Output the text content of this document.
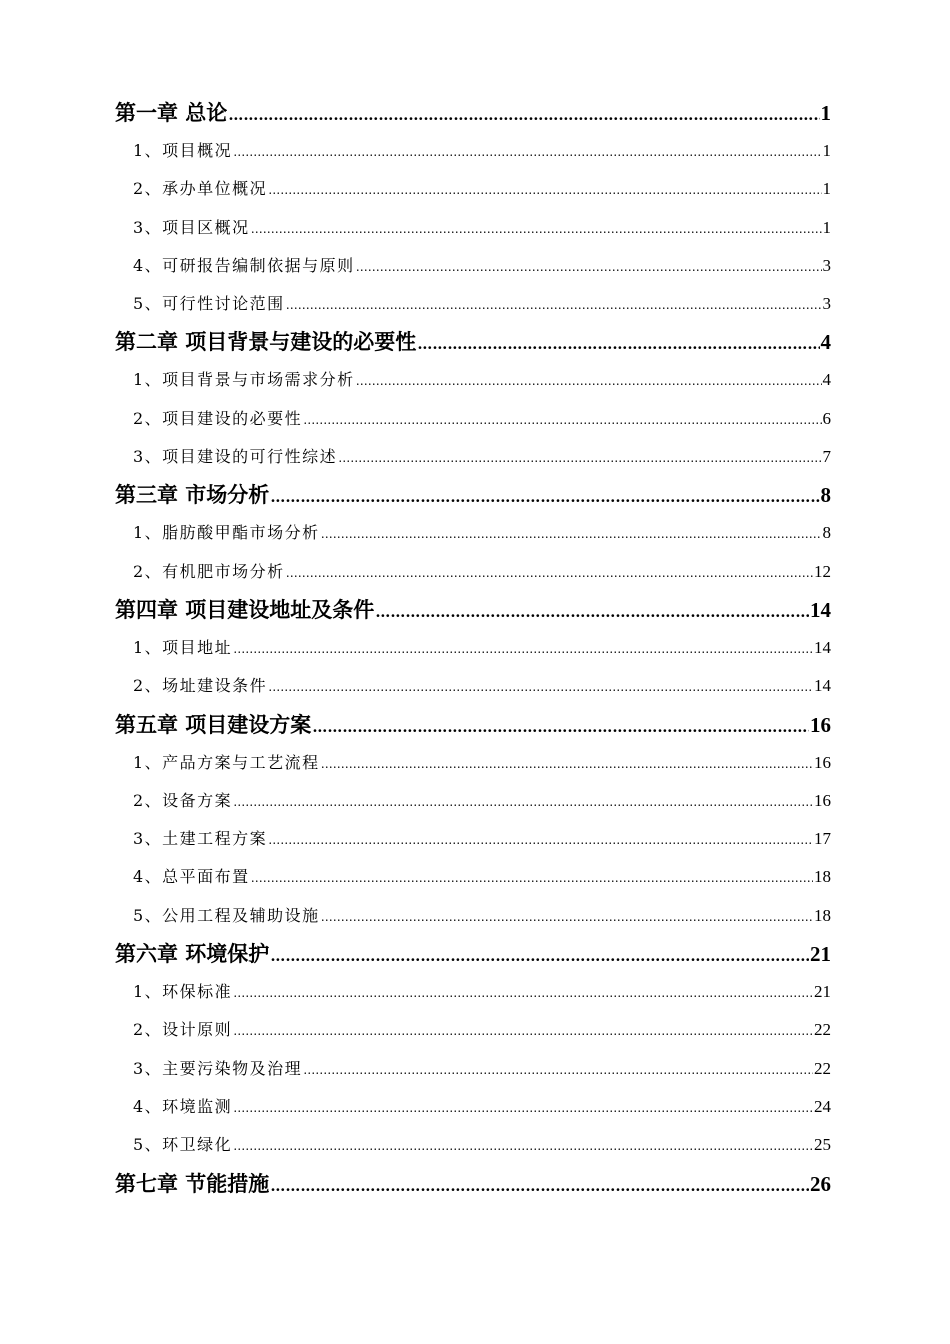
第一章 总论 ………………………………………………………………………………………………………………………………………………………………………………………………	1
1、项目概况 ………………………………………………………………………………………………………………………………………………………………………………………………	1
2、承办单位概况 ………………………………………………………………………………………………………………………………………………………………………………………………	1
3、项目区概况 ………………………………………………………………………………………………………………………………………………………………………………………………	1
4、可研报告编制依据与原则 ………………………………………………………………………………………………………………………………………………………………………………………………	3
5、可行性讨论范围 ………………………………………………………………………………………………………………………………………………………………………………………………	3
第二章 项目背景与建设的必要性 ………………………………………………………………………………………………………………………………………………………………………………………………	4
1、项目背景与市场需求分析 ………………………………………………………………………………………………………………………………………………………………………………………………	4
2、项目建设的必要性 ………………………………………………………………………………………………………………………………………………………………………………………………	6
3、项目建设的可行性综述 ………………………………………………………………………………………………………………………………………………………………………………………………	7
第三章 市场分析 ………………………………………………………………………………………………………………………………………………………………………………………………	8
1、脂肪酸甲酯市场分析 ………………………………………………………………………………………………………………………………………………………………………………………………	8
2、有机肥市场分析 ………………………………………………………………………………………………………………………………………………………………………………………………	12
第四章 项目建设地址及条件 ………………………………………………………………………………………………………………………………………………………………………………………………	14
1、项目地址 ………………………………………………………………………………………………………………………………………………………………………………………………	14
2、场址建设条件 ………………………………………………………………………………………………………………………………………………………………………………………………	14
第五章 项目建设方案 ………………………………………………………………………………………………………………………………………………………………………………………………	16
1、产品方案与工艺流程 ………………………………………………………………………………………………………………………………………………………………………………………………	16
2、设备方案 ………………………………………………………………………………………………………………………………………………………………………………………………	16
3、土建工程方案 ………………………………………………………………………………………………………………………………………………………………………………………………	17
4、总平面布置 ………………………………………………………………………………………………………………………………………………………………………………………………	18
5、公用工程及辅助设施 ………………………………………………………………………………………………………………………………………………………………………………………………	18
第六章 环境保护 ………………………………………………………………………………………………………………………………………………………………………………………………	21
1、环保标准 ………………………………………………………………………………………………………………………………………………………………………………………………	21
2、设计原则 ………………………………………………………………………………………………………………………………………………………………………………………………	22
3、主要污染物及治理 ………………………………………………………………………………………………………………………………………………………………………………………………	22
4、环境监测 ………………………………………………………………………………………………………………………………………………………………………………………………	24
5、环卫绿化 ………………………………………………………………………………………………………………………………………………………………………………………………	25
第七章 节能措施 ………………………………………………………………………………………………………………………………………………………………………………………………	26
